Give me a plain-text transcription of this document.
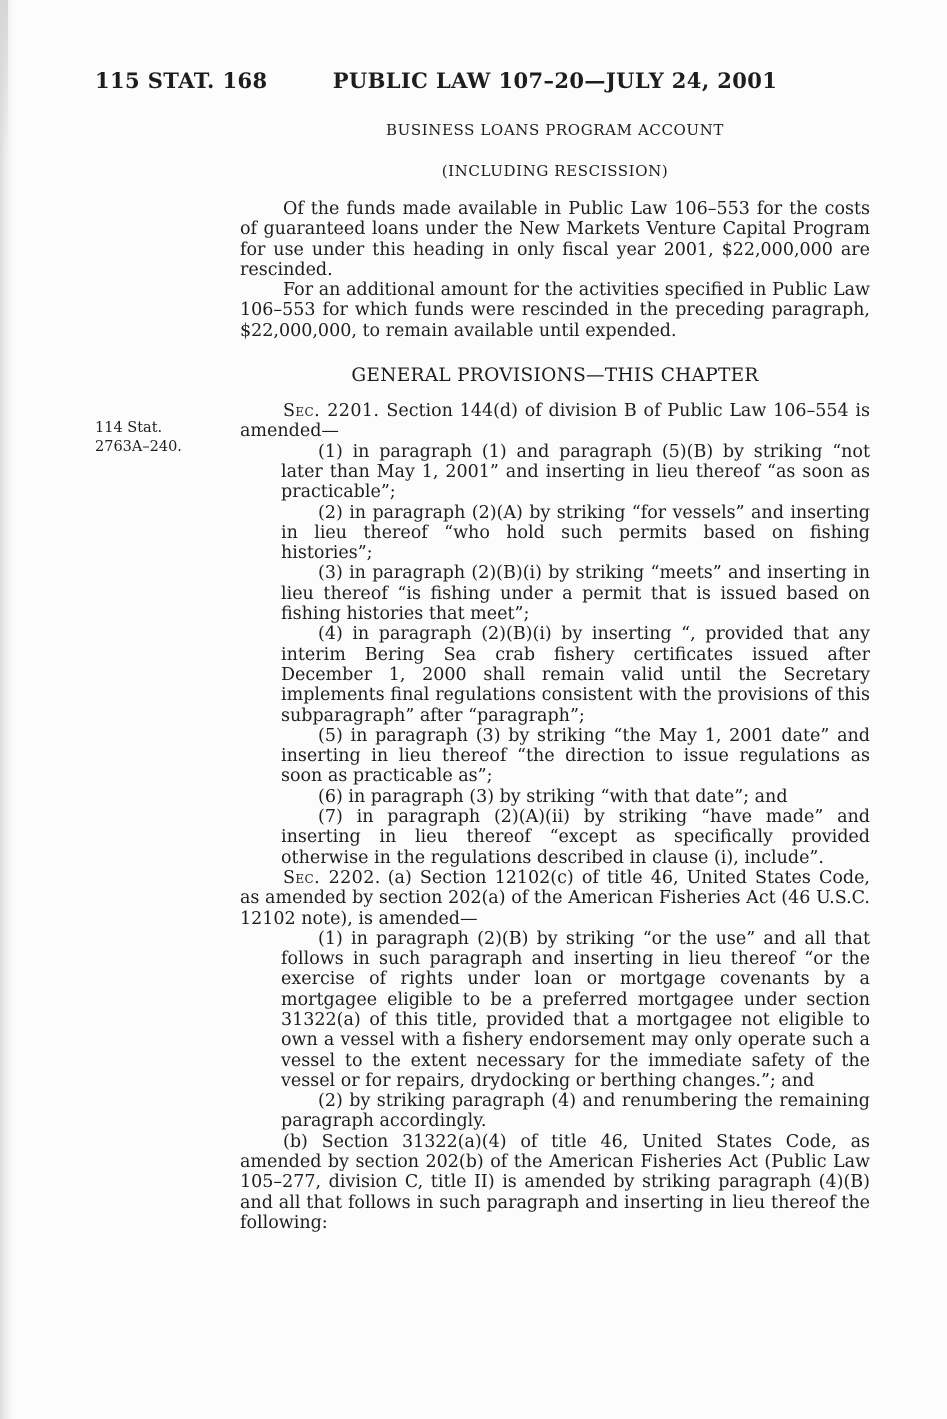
115 STAT. 168	PUBLIC LAW 107–20—JULY 24, 2001
114 Stat.
2763A–240.
BUSINESS LOANS PROGRAM ACCOUNT
(INCLUDING RESCISSION)

Of the funds made available in Public Law 106–553 for the costs of guaranteed loans under the New Markets Venture Capital Program for use under this heading in only fiscal year 2001, $22,000,000 are rescinded.

For an additional amount for the activities specified in Public Law 106–553 for which funds were rescinded in the preceding paragraph, $22,000,000, to remain available until expended.

GENERAL PROVISIONS—THIS CHAPTER

Sec. 2201. Section 144(d) of division B of Public Law 106–554 is amended—

(1) in paragraph (1) and paragraph (5)(B) by striking “not later than May 1, 2001” and inserting in lieu thereof “as soon as practicable”;

(2) in paragraph (2)(A) by striking “for vessels” and inserting in lieu thereof “who hold such permits based on fishing histories”;

(3) in paragraph (2)(B)(i) by striking “meets” and inserting in lieu thereof “is fishing under a permit that is issued based on fishing histories that meet”;

(4) in paragraph (2)(B)(i) by inserting “, provided that any interim Bering Sea crab fishery certificates issued after December 1, 2000 shall remain valid until the Secretary implements final regulations consistent with the provisions of this subparagraph” after “paragraph”;

(5) in paragraph (3) by striking “the May 1, 2001 date” and inserting in lieu thereof “the direction to issue regulations as soon as practicable as”;

(6) in paragraph (3) by striking “with that date”; and

(7) in paragraph (2)(A)(ii) by striking “have made” and inserting in lieu thereof “except as specifically provided otherwise in the regulations described in clause (i), include”.

Sec. 2202. (a) Section 12102(c) of title 46, United States Code, as amended by section 202(a) of the American Fisheries Act (46 U.S.C. 12102 note), is amended—

(1) in paragraph (2)(B) by striking “or the use” and all that follows in such paragraph and inserting in lieu thereof “or the exercise of rights under loan or mortgage covenants by a mortgagee eligible to be a preferred mortgagee under section 31322(a) of this title, provided that a mortgagee not eligible to own a vessel with a fishery endorsement may only operate such a vessel to the extent necessary for the immediate safety of the vessel or for repairs, drydocking or berthing changes.”; and

(2) by striking paragraph (4) and renumbering the remaining paragraph accordingly.

(b) Section 31322(a)(4) of title 46, United States Code, as amended by section 202(b) of the American Fisheries Act (Public Law 105–277, division C, title II) is amended by striking paragraph (4)(B) and all that follows in such paragraph and inserting in lieu thereof the following:
